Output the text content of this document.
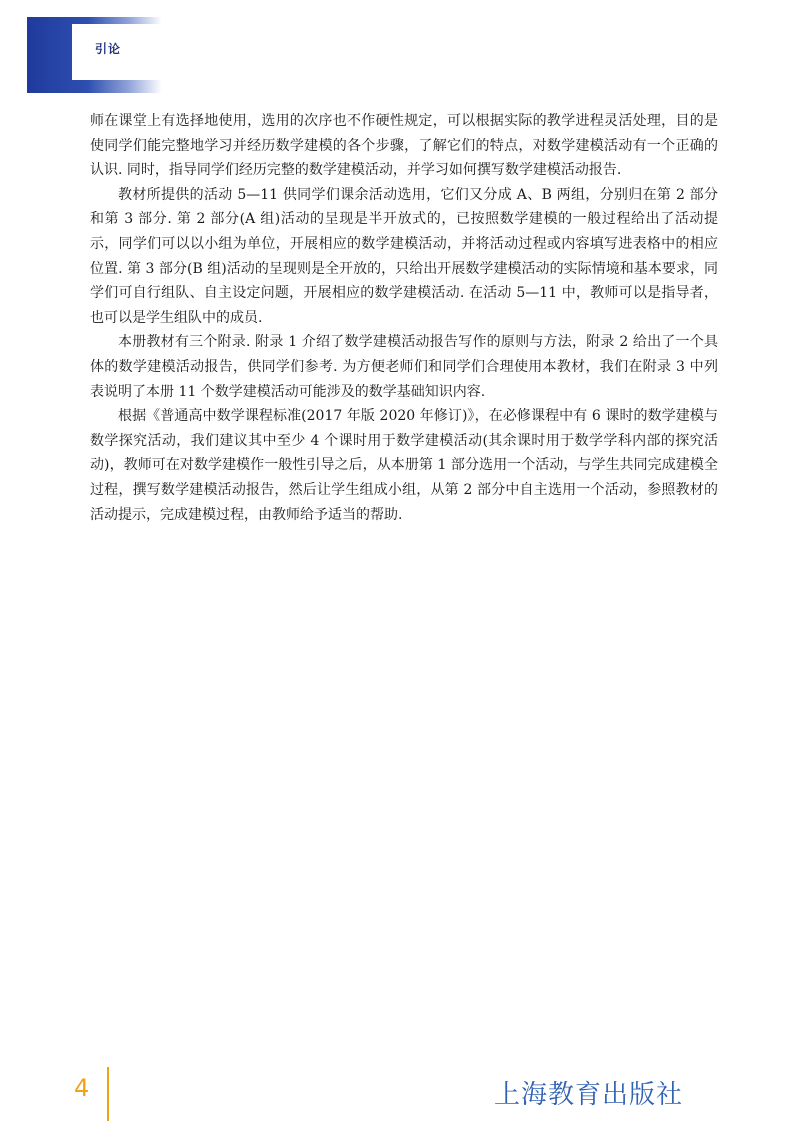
引论

师在课堂上有选择地使用，选用的次序也不作硬性规定，可以根据实际的教学进程灵活处理，目的是使同学们能完整地学习并经历数学建模的各个步骤，了解它们的特点，对数学建模活动有一个正确的认识. 同时，指导同学们经历完整的数学建模活动，并学习如何撰写数学建模活动报告.

教材所提供的活动 5—11 供同学们课余活动选用，它们又分成 A、B 两组，分别归在第 2 部分和第 3 部分. 第 2 部分(A 组)活动的呈现是半开放式的，已按照数学建模的一般过程给出了活动提示，同学们可以以小组为单位，开展相应的数学建模活动，并将活动过程或内容填写进表格中的相应位置. 第 3 部分(B 组)活动的呈现则是全开放的，只给出开展数学建模活动的实际情境和基本要求，同学们可自行组队、自主设定问题，开展相应的数学建模活动. 在活动 5—11 中，教师可以是指导者，也可以是学生组队中的成员.

本册教材有三个附录. 附录 1 介绍了数学建模活动报告写作的原则与方法，附录 2 给出了一个具体的数学建模活动报告，供同学们参考. 为方便老师们和同学们合理使用本教材，我们在附录 3 中列表说明了本册 11 个数学建模活动可能涉及的数学基础知识内容.

根据《普通高中数学课程标准(2017 年版 2020 年修订)》，在必修课程中有 6 课时的数学建模与数学探究活动，我们建议其中至少 4 个课时用于数学建模活动(其余课时用于数学学科内部的探究活动)，教师可在对数学建模作一般性引导之后，从本册第 1 部分选用一个活动，与学生共同完成建模全过程，撰写数学建模活动报告，然后让学生组成小组，从第 2 部分中自主选用一个活动，参照教材的活动提示，完成建模过程，由教师给予适当的帮助.

4	上海教育出版社
